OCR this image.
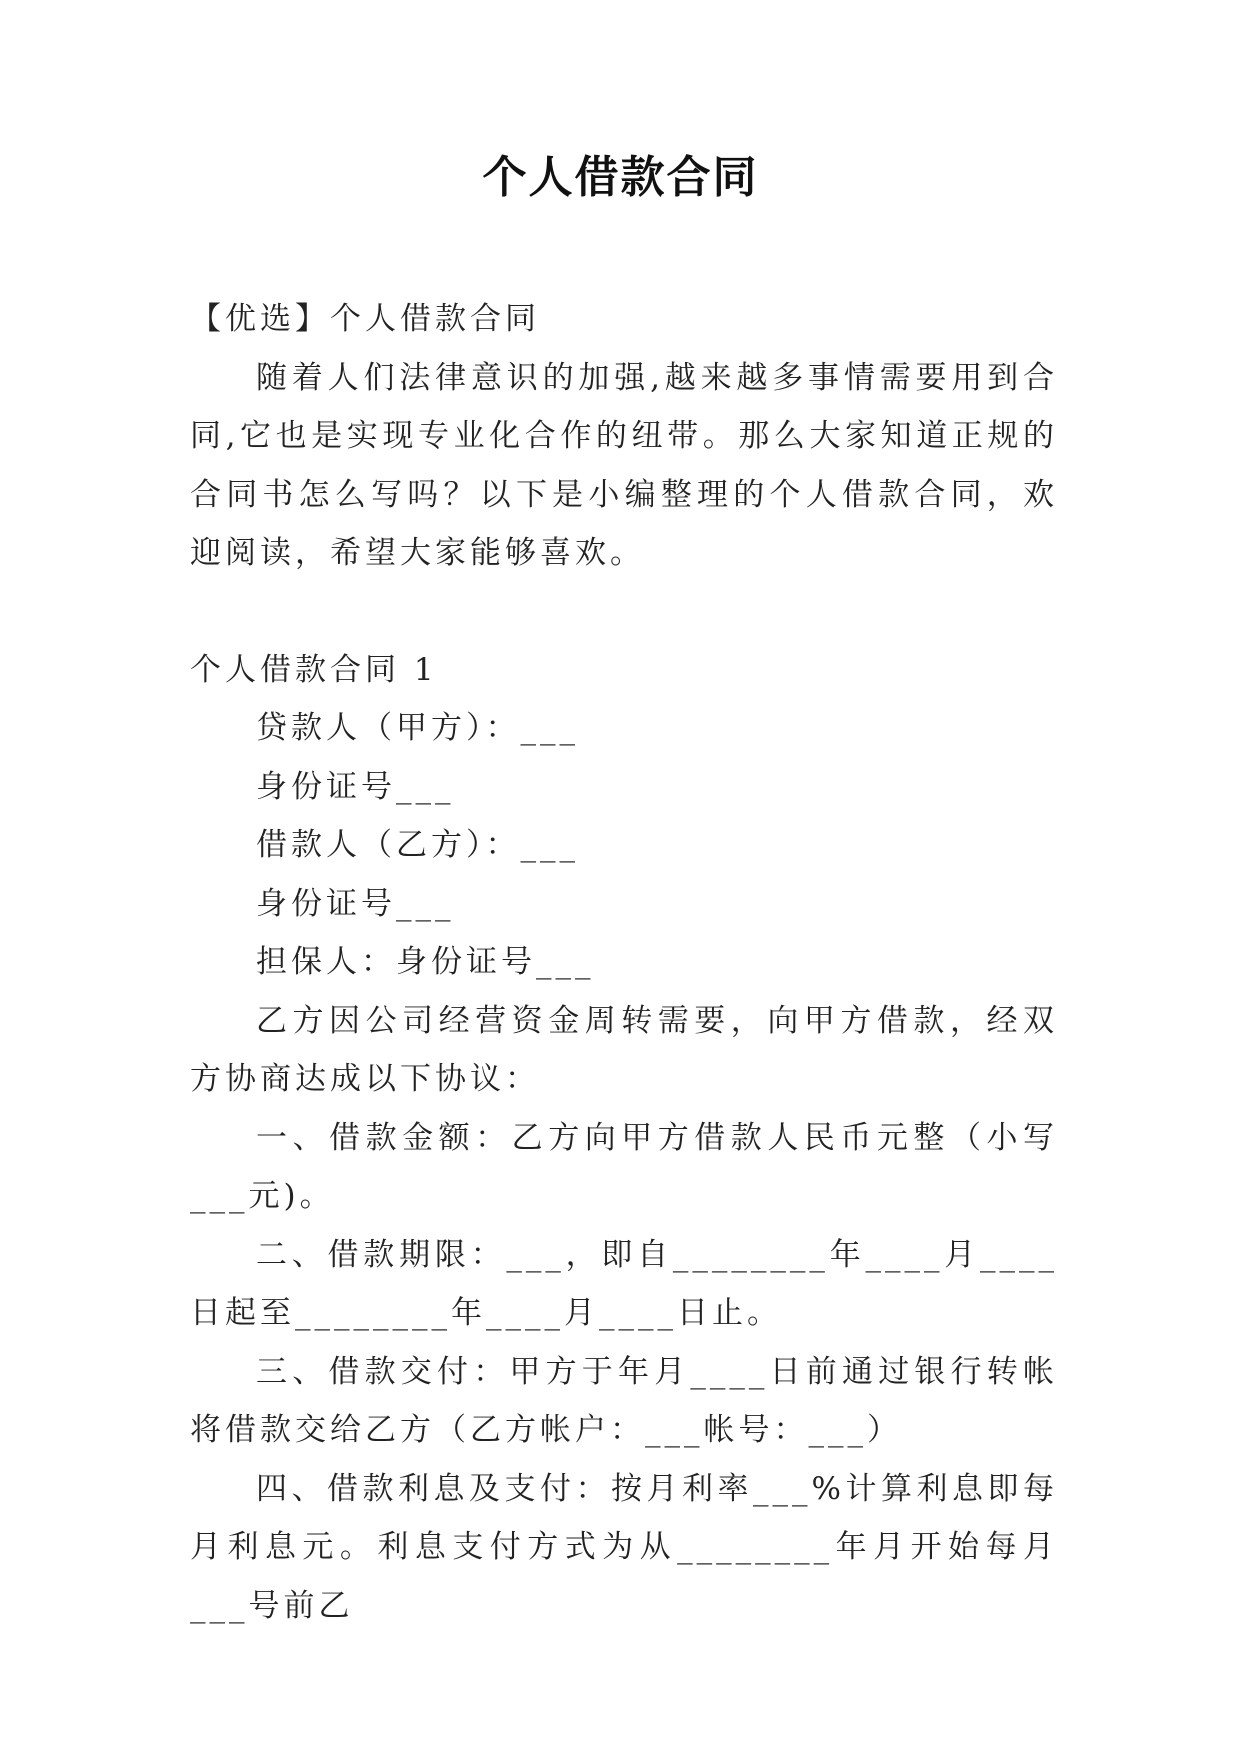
个人借款合同

【优选】个人借款合同

随着人们法律意识的加强,越来越多事情需要用到合同,它也是实现专业化合作的纽带。那么大家知道正规的合同书怎么写吗？以下是小编整理的个人借款合同，欢迎阅读，希望大家能够喜欢。

个人借款合同 1

贷款人（甲方）：___

身份证号___

借款人（乙方）：___

身份证号___

担保人：身份证号___

乙方因公司经营资金周转需要，向甲方借款，经双方协商达成以下协议：

一、借款金额：乙方向甲方借款人民币元整（小写___元)。

二、借款期限：___，即自________年____月____日起至________年____月____日止。

三、借款交付：甲方于年月____日前通过银行转帐将借款交给乙方（乙方帐户：___帐号：___）

四、借款利息及支付：按月利率___%计算利息即每月利息元。利息支付方式为从________年月开始每月___号前乙
